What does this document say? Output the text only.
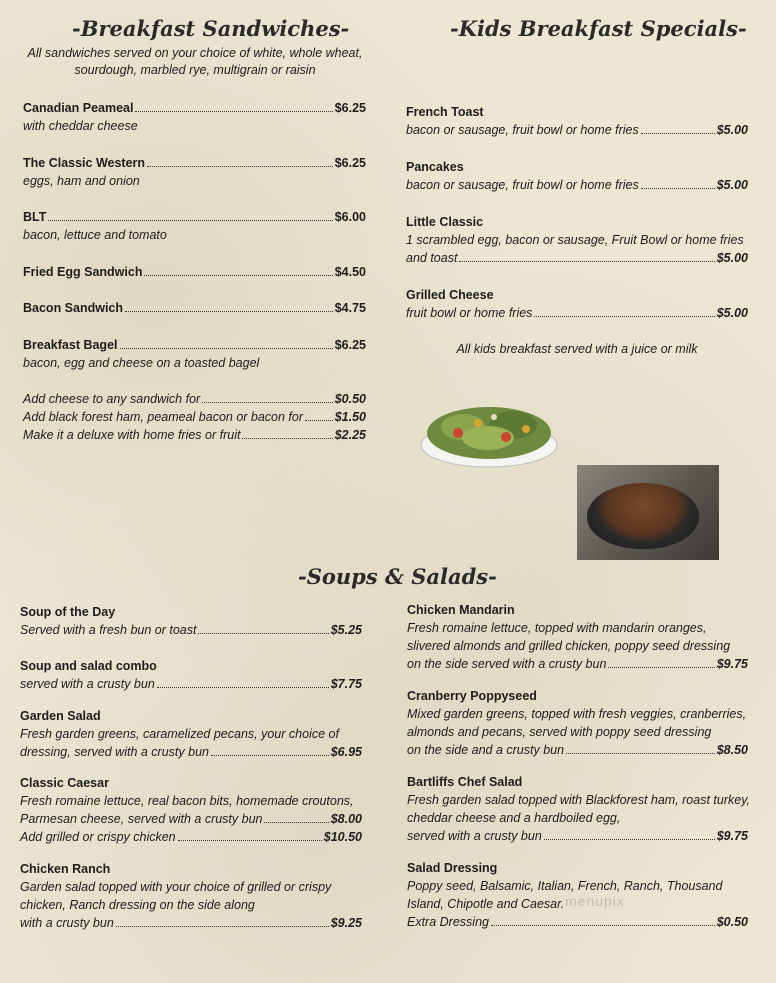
-Breakfast Sandwiches-
All sandwiches served on your choice of white, whole wheat,
sourdough, marbled rye, multigrain or raisin
Canadian Peameal	$6.25
with cheddar cheese
The Classic Western	$6.25
eggs, ham and onion
BLT	$6.00
bacon, lettuce and tomato
Fried Egg Sandwich	$4.50
Bacon Sandwich	$4.75
Breakfast Bagel	$6.25
bacon, egg and cheese on a toasted bagel
Add cheese to any sandwich for	$0.50
Add black forest ham, peameal bacon or bacon for	$1.50
Make it a deluxe with home fries or fruit	$2.25
-Kids Breakfast Specials-
French Toast
bacon or sausage, fruit bowl or home fries	$5.00
Pancakes
bacon or sausage, fruit bowl or home fries	$5.00
Little Classic
1 scrambled egg, bacon or sausage, Fruit Bowl or home fries
and toast	$5.00
Grilled Cheese
fruit bowl or home fries	$5.00
All kids breakfast served with a juice or milk
-Soups & Salads-
Soup of the Day
Served with a fresh bun or toast	$5.25
Soup and salad combo
served with a crusty bun	$7.75
Garden Salad
Fresh garden greens, caramelized pecans, your choice of
dressing, served with a crusty bun	$6.95
Classic Caesar
Fresh romaine lettuce, real bacon bits, homemade croutons,
Parmesan cheese, served with a crusty bun	$8.00
Add grilled or crispy chicken	$10.50
Chicken Ranch
Garden salad topped with your choice of grilled or crispy
chicken, Ranch dressing on the side along
with a crusty bun	$9.25
Chicken Mandarin
Fresh romaine lettuce, topped with mandarin oranges,
slivered almonds and grilled chicken, poppy seed dressing
on the side served with a crusty bun	$9.75
Cranberry Poppyseed
Mixed garden greens, topped with fresh veggies, cranberries,
almonds and pecans, served with poppy seed dressing
on the side and a crusty bun	$8.50
Bartliffs Chef Salad
Fresh garden salad topped with Blackforest ham, roast turkey,
cheddar cheese and a hardboiled egg,
served with a crusty bun	$9.75
Salad Dressing
Poppy seed, Balsamic, Italian, French, Ranch, Thousand
Island, Chipotle and Caesar.
Extra Dressing	$0.50
menupix
